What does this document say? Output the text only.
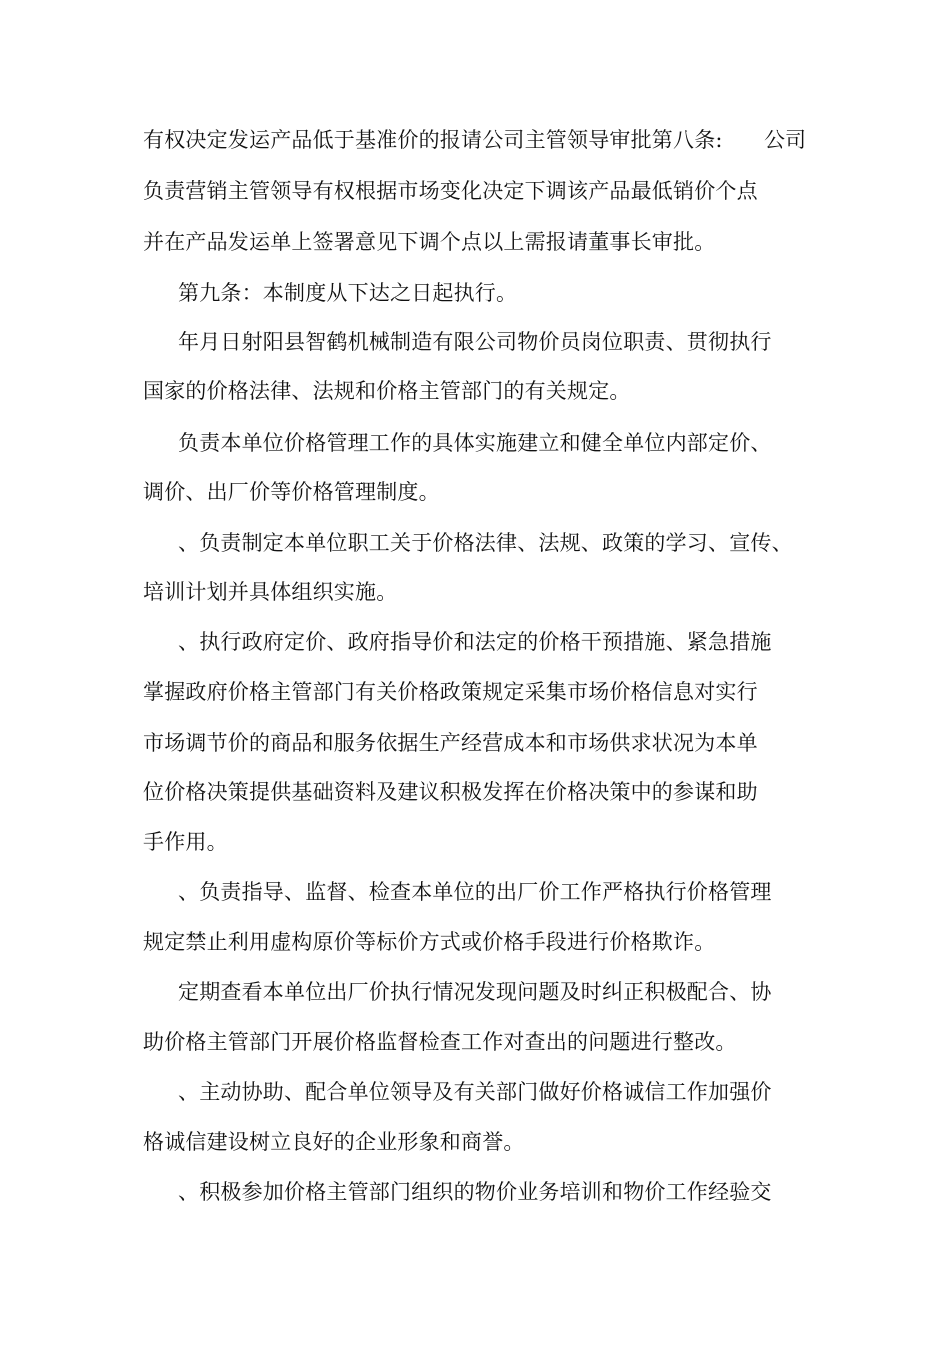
有权决定发运产品低于基准价的报请公司主管领导审批第八条: 公司
负责营销主管领导有权根据市场变化决定下调该产品最低销价个点
并在产品发运单上签署意见下调个点以上需报请董事长审批。
第九条：本制度从下达之日起执行。
年月日射阳县智鹤机械制造有限公司物价员岗位职责、贯彻执行
国家的价格法律、法规和价格主管部门的有关规定。
负责本单位价格管理工作的具体实施建立和健全单位内部定价、
调价、出厂价等价格管理制度。
、负责制定本单位职工关于价格法律、法规、政策的学习、宣传、
培训计划并具体组织实施。
、执行政府定价、政府指导价和法定的价格干预措施、紧急措施
掌握政府价格主管部门有关价格政策规定采集市场价格信息对实行
市场调节价的商品和服务依据生产经营成本和市场供求状况为本单
位价格决策提供基础资料及建议积极发挥在价格决策中的参谋和助
手作用。
、负责指导、监督、检查本单位的出厂价工作严格执行价格管理
规定禁止利用虚构原价等标价方式或价格手段进行价格欺诈。
定期查看本单位出厂价执行情况发现问题及时纠正积极配合、协
助价格主管部门开展价格监督检查工作对查出的问题进行整改。
、主动协助、配合单位领导及有关部门做好价格诚信工作加强价
格诚信建设树立良好的企业形象和商誉。
、积极参加价格主管部门组织的物价业务培训和物价工作经验交
